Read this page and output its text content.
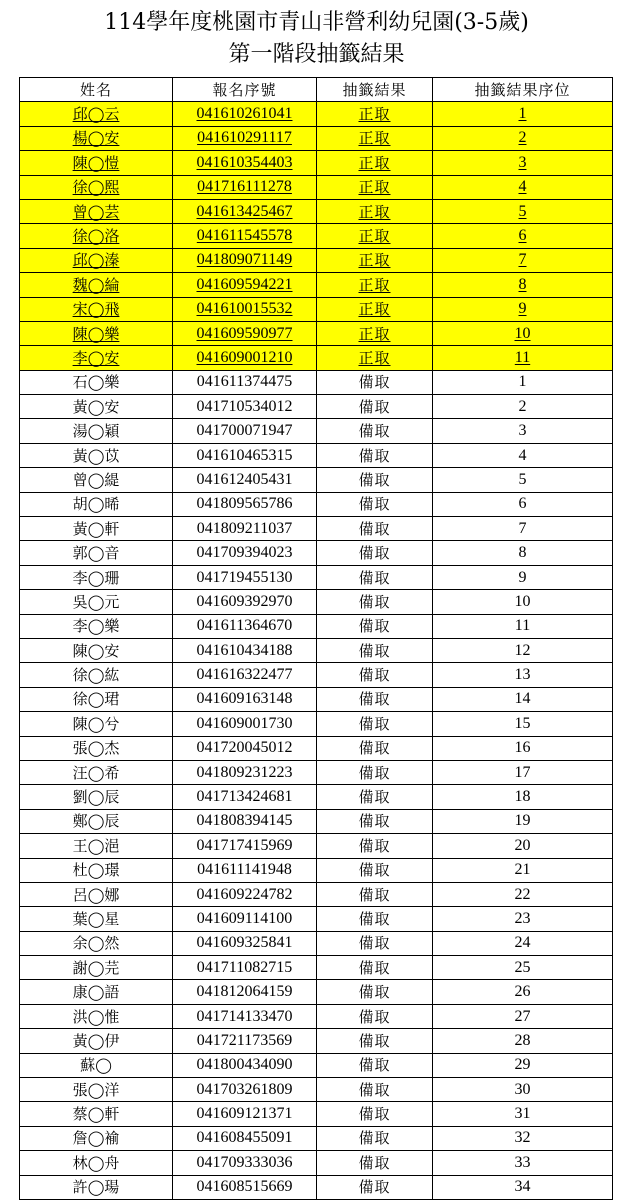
114學年度桃園市青山非營利幼兒園(3-5歲)
第一階段抽籤結果
姓名	報名序號	抽籤結果	抽籤結果序位
邱◯云	041610261041	正取	1
楊◯安	041610291117	正取	2
陳◯愷	041610354403	正取	3
徐◯熙	041716111278	正取	4
曾◯芸	041613425467	正取	5
徐◯洛	041611545578	正取	6
邱◯溱	041809071149	正取	7
魏◯綸	041609594221	正取	8
宋◯飛	041610015532	正取	9
陳◯樂	041609590977	正取	10
李◯安	041609001210	正取	11
石◯樂	041611374475	備取	1
黃◯安	041710534012	備取	2
湯◯穎	041700071947	備取	3
黃◯苡	041610465315	備取	4
曾◯緹	041612405431	備取	5
胡◯晞	041809565786	備取	6
黃◯軒	041809211037	備取	7
郭◯音	041709394023	備取	8
李◯珊	041719455130	備取	9
吳◯元	041609392970	備取	10
李◯樂	041611364670	備取	11
陳◯安	041610434188	備取	12
徐◯紘	041616322477	備取	13
徐◯珺	041609163148	備取	14
陳◯兮	041609001730	備取	15
張◯杰	041720045012	備取	16
汪◯希	041809231223	備取	17
劉◯辰	041713424681	備取	18
鄭◯辰	041808394145	備取	19
王◯浥	041717415969	備取	20
杜◯璟	041611141948	備取	21
呂◯娜	041609224782	備取	22
葉◯星	041609114100	備取	23
余◯然	041609325841	備取	24
謝◯芫	041711082715	備取	25
康◯語	041812064159	備取	26
洪◯惟	041714133470	備取	27
黃◯伊	041721173569	備取	28
蘇◯	041800434090	備取	29
張◯洋	041703261809	備取	30
蔡◯軒	041609121371	備取	31
詹◯褕	041608455091	備取	32
林◯舟	041709333036	備取	33
許◯瑒	041608515669	備取	34
